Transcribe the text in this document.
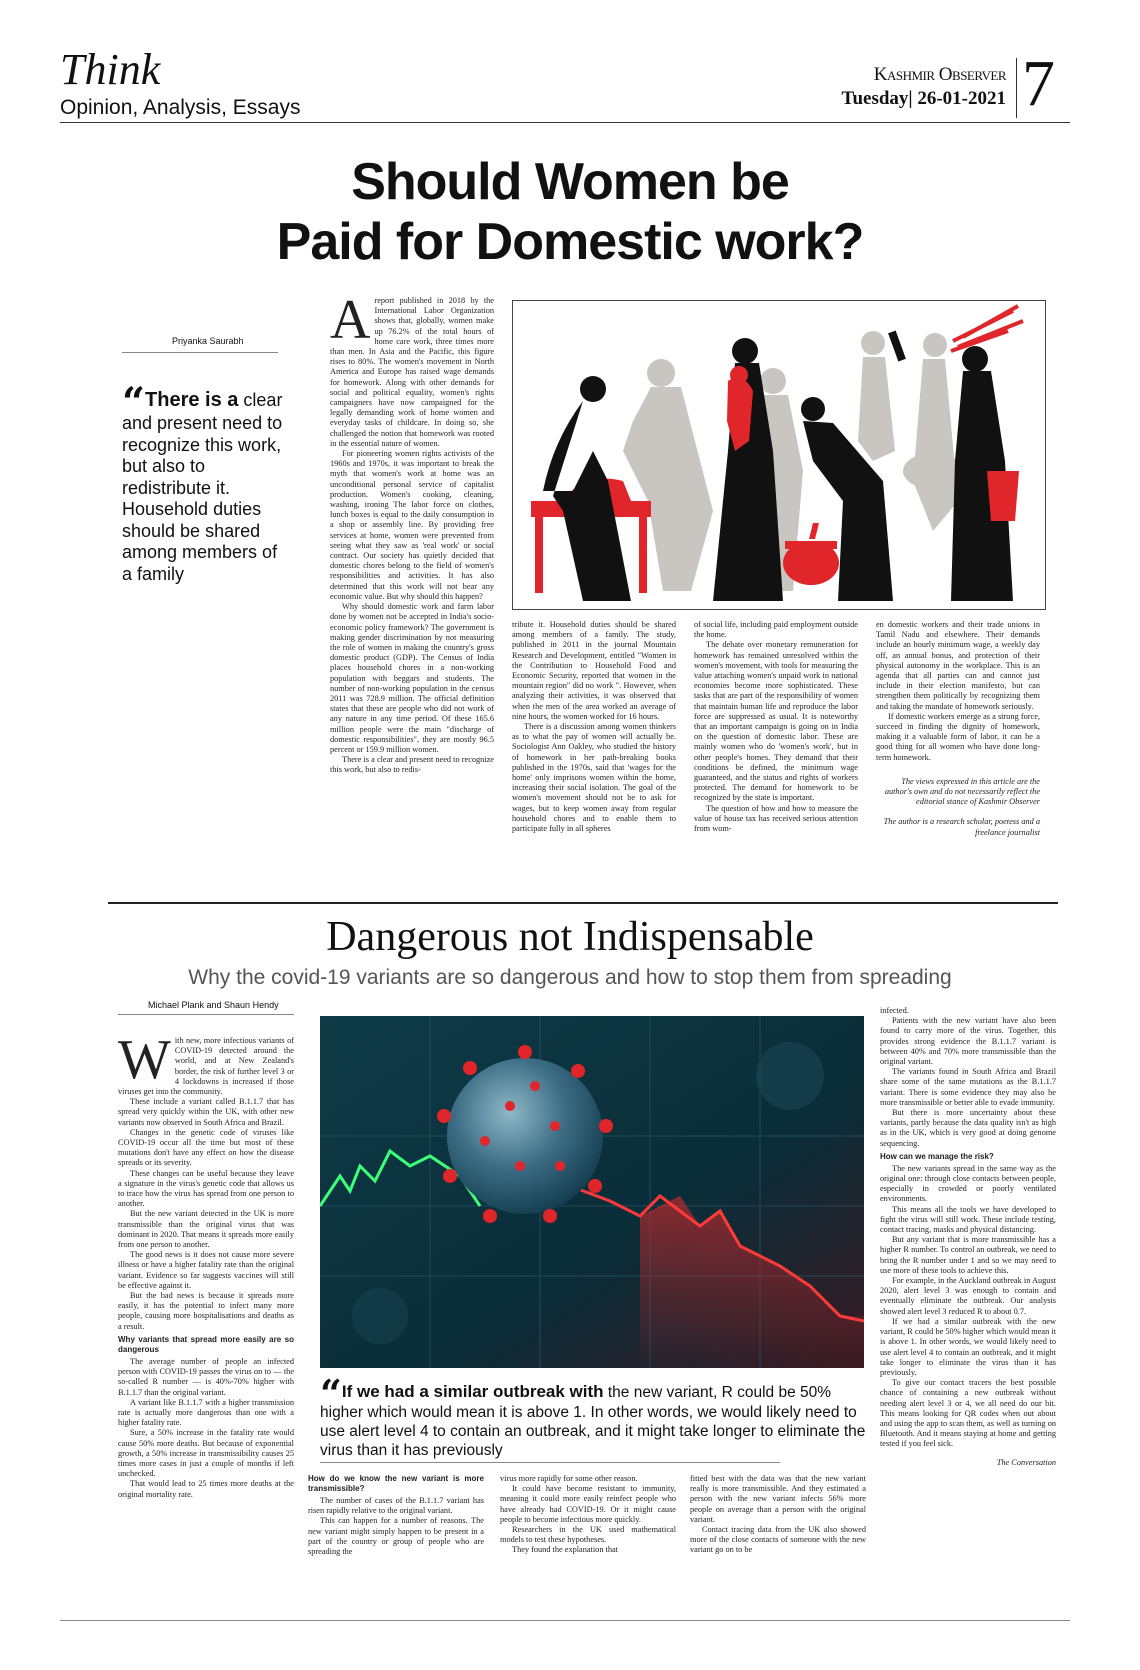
Think
Opinion, Analysis, Essays
Kashmir Observer
Tuesday| 26-01-2021 7
Should Women be
Paid for Domestic work?
Priyanka Saurabh
“There is a clear and present need to recognize this work, but also to redistribute it. Household duties should be shared among members of a family
A report published in 2018 by the International Labor Organization shows that, globally, women make up 76.2% of the total hours of home care work, three times more than men. In Asia and the Pacific, this figure rises to 80%. The women's movement in North America and Europe has raised wage demands for homework. Along with other demands for social and political equality, women's rights campaigners have now campaigned for the legally demanding work of home women and everyday tasks of childcare. In doing so, she challenged the notion that homework was rooted in the essential nature of women.

For pioneering women rights activists of the 1960s and 1970s, it was important to break the myth that women's work at home was an unconditional personal service of capitalist production. Women's cooking, cleaning, washing, ironing The labor force on clothes, lunch boxes is equal to the daily consumption in a shop or assembly line. By providing free services at home, women were prevented from seeing what they saw as 'real work' or social contract. Our society has quietly decided that domestic chores belong to the field of women's responsibilities and activities. It has also determined that this work will not bear any economic value. But why should this happen?

Why should domestic work and farm labor done by women not be accepted in India's socio-economic policy framework? The government is making gender discrimination by not measuring the role of women in making the country's gross domestic product (GDP). The Census of India places household chores in a non-working population with beggars and students. The number of non-working population in the census 2011 was 728.9 million. The official definition states that these are people who did not work of any nature in any time period. Of these 165.6 million people were the main "discharge of domestic responsibilities", they are mostly 96.5 percent or 159.9 million women.

There is a clear and present need to recognize this work, but also to redis-

tribute it. Household duties should be shared among members of a family. The study, published in 2011 in the journal Mountain Research and Development, entitled "Women in the Contribution to Household Food and Economic Security, reported that women in the mountain region" did no work ". However, when analyzing their activities, it was observed that when the men of the area worked an average of nine hours, the women worked for 16 hours.

There is a discussion among women thinkers as to what the pay of women will actually be. Sociologist Ann Oakley, who studied the history of homework in her path-breaking books published in the 1970s, said that 'wages for the home' only imprisons women within the home, increasing their social isolation. The goal of the women's movement should not be to ask for wages, but to keep women away from regular household chores and to enable them to participate fully in all spheres

of social life, including paid employment outside the home.

The debate over monetary remuneration for homework has remained unresolved within the women's movement, with tools for measuring the value attaching women's unpaid work in national economies become more sophisticated. These tasks that are part of the responsibility of women that maintain human life and reproduce the labor force are suppressed as usual. It is noteworthy that an important campaign is going on in India on the question of domestic labor. These are mainly women who do 'women's work', but in other people's homes. They demand that their conditions be defined, the minimum wage guaranteed, and the status and rights of workers protected. The demand for homework to be recognized by the state is important.

The question of how and how to measure the value of house tax has received serious attention from wom-

en domestic workers and their trade unions in Tamil Nadu and elsewhere. Their demands include an hourly minimum wage, a weekly day off, an annual bonus, and protection of their physical autonomy in the workplace. This is an agenda that all parties can and cannot just include in their election manifesto, but can strengthen them politically by recognizing them and taking the mandate of homework seriously.

If domestic workers emerge as a strong force, succeed in finding the dignity of homework, making it a valuable form of labor, it can be a good thing for all women who have done long-term homework.

The views expressed in this article are the author's own and do not necessarily reflect the editorial stance of Kashmir Observer

The author is a research scholar, poetess and a freelance journalist

Dangerous not Indispensable
Why the covid-19 variants are so dangerous and how to stop them from spreading
Michael Plank and Shaun Hendy
W ith new, more infectious variants of COVID-19 detected around the world, and at New Zealand's border, the risk of further level 3 or 4 lockdowns is increased if those viruses get into the community.

These include a variant called B.1.1.7 that has spread very quickly within the UK, with other new variants now observed in South Africa and Brazil.

Changes in the genetic code of viruses like COVID-19 occur all the time but most of these mutations don't have any effect on how the disease spreads or its severity.

These changes can be useful because they leave a signature in the virus's genetic code that allows us to trace how the virus has spread from one person to another.

But the new variant detected in the UK is more transmissible than the original virus that was dominant in 2020. That means it spreads more easily from one person to another.

The good news is it does not cause more severe illness or have a higher fatality rate than the original variant. Evidence so far suggests vaccines will still be effective against it.

But the bad news is because it spreads more easily, it has the potential to infect many more people, causing more hospitalisations and deaths as a result.

Why variants that spread more easily are so dangerous

The average number of people an infected person with COVID-19 passes the virus on to — the so-called R number — is 40%-70% higher with B.1.1.7 than the original variant.

A variant like B.1.1.7 with a higher transmission rate is actually more dangerous than one with a higher fatality rate.

Sure, a 50% increase in the fatality rate would cause 50% more deaths. But because of exponential growth, a 50% increase in transmissibility causes 25 times more cases in just a couple of months if left unchecked.

That would lead to 25 times more deaths at the original mortality rate.

“If we had a similar outbreak with the new variant, R could be 50% higher which would mean it is above 1. In other words, we would likely need to use alert level 4 to contain an outbreak, and it might take longer to eliminate the virus than it has previously
How do we know the new variant is more transmissible?

The number of cases of the B.1.1.7 variant has risen rapidly relative to the original variant.

This can happen for a number of reasons. The new variant might simply happen to be present in a part of the country or group of people who are spreading the

virus more rapidly for some other reason.

It could have become resistant to immunity, meaning it could more easily reinfect people who have already had COVID-19. Or it might cause people to become infectious more quickly.

Researchers in the UK used mathematical models to test these hypotheses.

They found the explanation that

fitted best with the data was that the new variant really is more transmissible. And they estimated a person with the new variant infects 56% more people on average than a person with the original variant.

Contact tracing data from the UK also showed more of the close contacts of someone with the new variant go on to be

infected.

Patients with the new variant have also been found to carry more of the virus. Together, this provides strong evidence the B.1.1.7 variant is between 40% and 70% more transmissible than the original variant.

The variants found in South Africa and Brazil share some of the same mutations as the B.1.1.7 variant. There is some evidence they may also be more transmissible or better able to evade immunity.

But there is more uncertainty about these variants, partly because the data quality isn't as high as in the UK, which is very good at doing genome sequencing.

How can we manage the risk?

The new variants spread in the same way as the original one: through close contacts between people, especially in crowded or poorly ventilated environments.

This means all the tools we have developed to fight the virus will still work. These include testing, contact tracing, masks and physical distancing.

But any variant that is more transmissible has a higher R number. To control an outbreak, we need to bring the R number under 1 and so we may need to use more of these tools to achieve this.

For example, in the Auckland outbreak in August 2020, alert level 3 was enough to contain and eventually eliminate the outbreak. Our analysis showed alert level 3 reduced R to about 0.7.

If we had a similar outbreak with the new variant, R could be 50% higher which would mean it is above 1. In other words, we would likely need to use alert level 4 to contain an outbreak, and it might take longer to eliminate the virus than it has previously.

To give our contact tracers the best possible chance of containing a new outbreak without needing alert level 3 or 4, we all need do our bit. This means looking for QR codes when out about and using the app to scan them, as well as turning on Bluetooth. And it means staying at home and getting tested if you feel sick.

The Conversation
